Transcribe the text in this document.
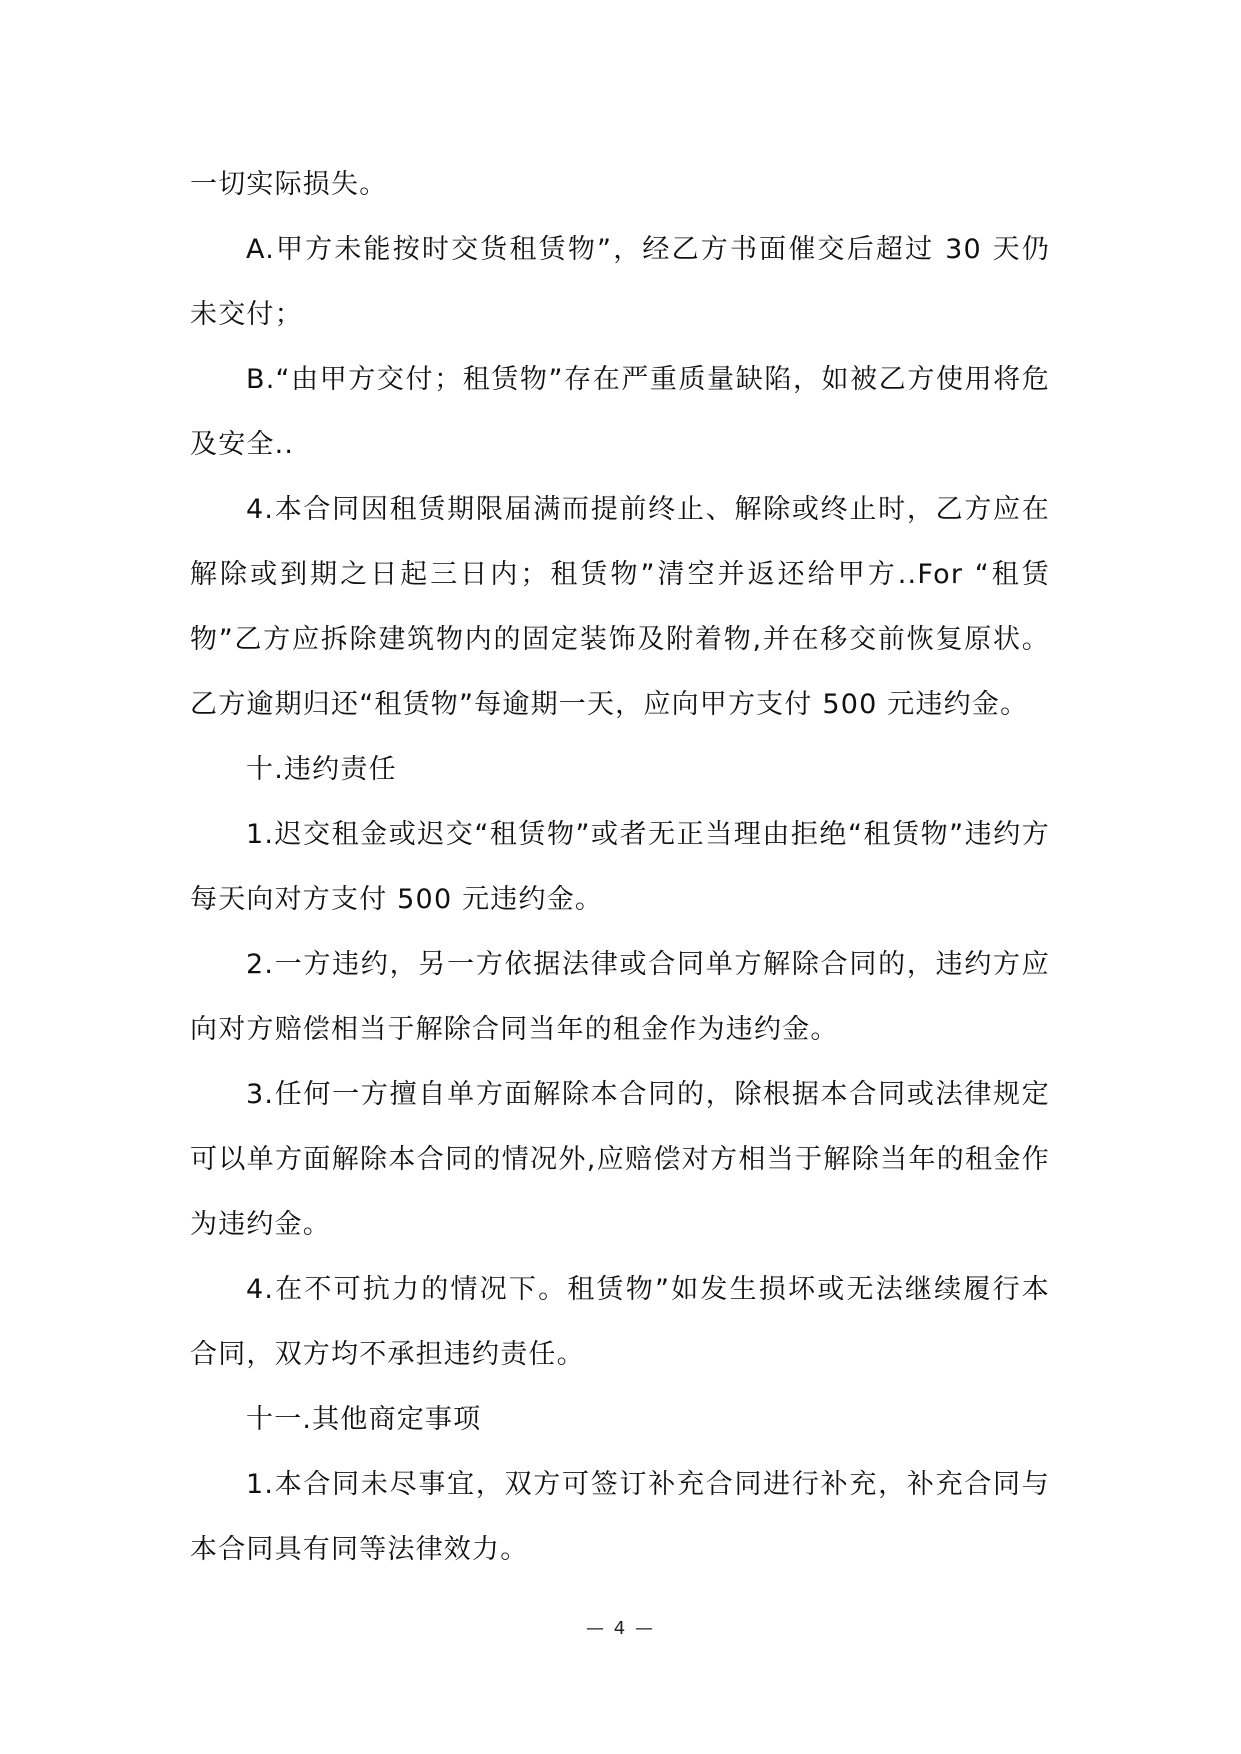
一切实际损失。

A.甲方未能按时交货租赁物”，经乙方书面催交后超过 30 天仍未交付；

B.“由甲方交付；租赁物”存在严重质量缺陷，如被乙方使用将危及安全..

4.本合同因租赁期限届满而提前终止、解除或终止时，乙方应在解除或到期之日起三日内；租赁物”清空并返还给甲方..For “租赁物”乙方应拆除建筑物内的固定装饰及附着物,并在移交前恢复原状。乙方逾期归还“租赁物”每逾期一天，应向甲方支付 500 元违约金。

十.违约责任

1.迟交租金或迟交“租赁物”或者无正当理由拒绝“租赁物”违约方每天向对方支付 500 元违约金。

2.一方违约，另一方依据法律或合同单方解除合同的，违约方应向对方赔偿相当于解除合同当年的租金作为违约金。

3.任何一方擅自单方面解除本合同的，除根据本合同或法律规定可以单方面解除本合同的情况外,应赔偿对方相当于解除当年的租金作为违约金。

4.在不可抗力的情况下。租赁物”如发生损坏或无法继续履行本合同，双方均不承担违约责任。

十一.其他商定事项

1.本合同未尽事宜，双方可签订补充合同进行补充，补充合同与本合同具有同等法律效力。

— 4 —
